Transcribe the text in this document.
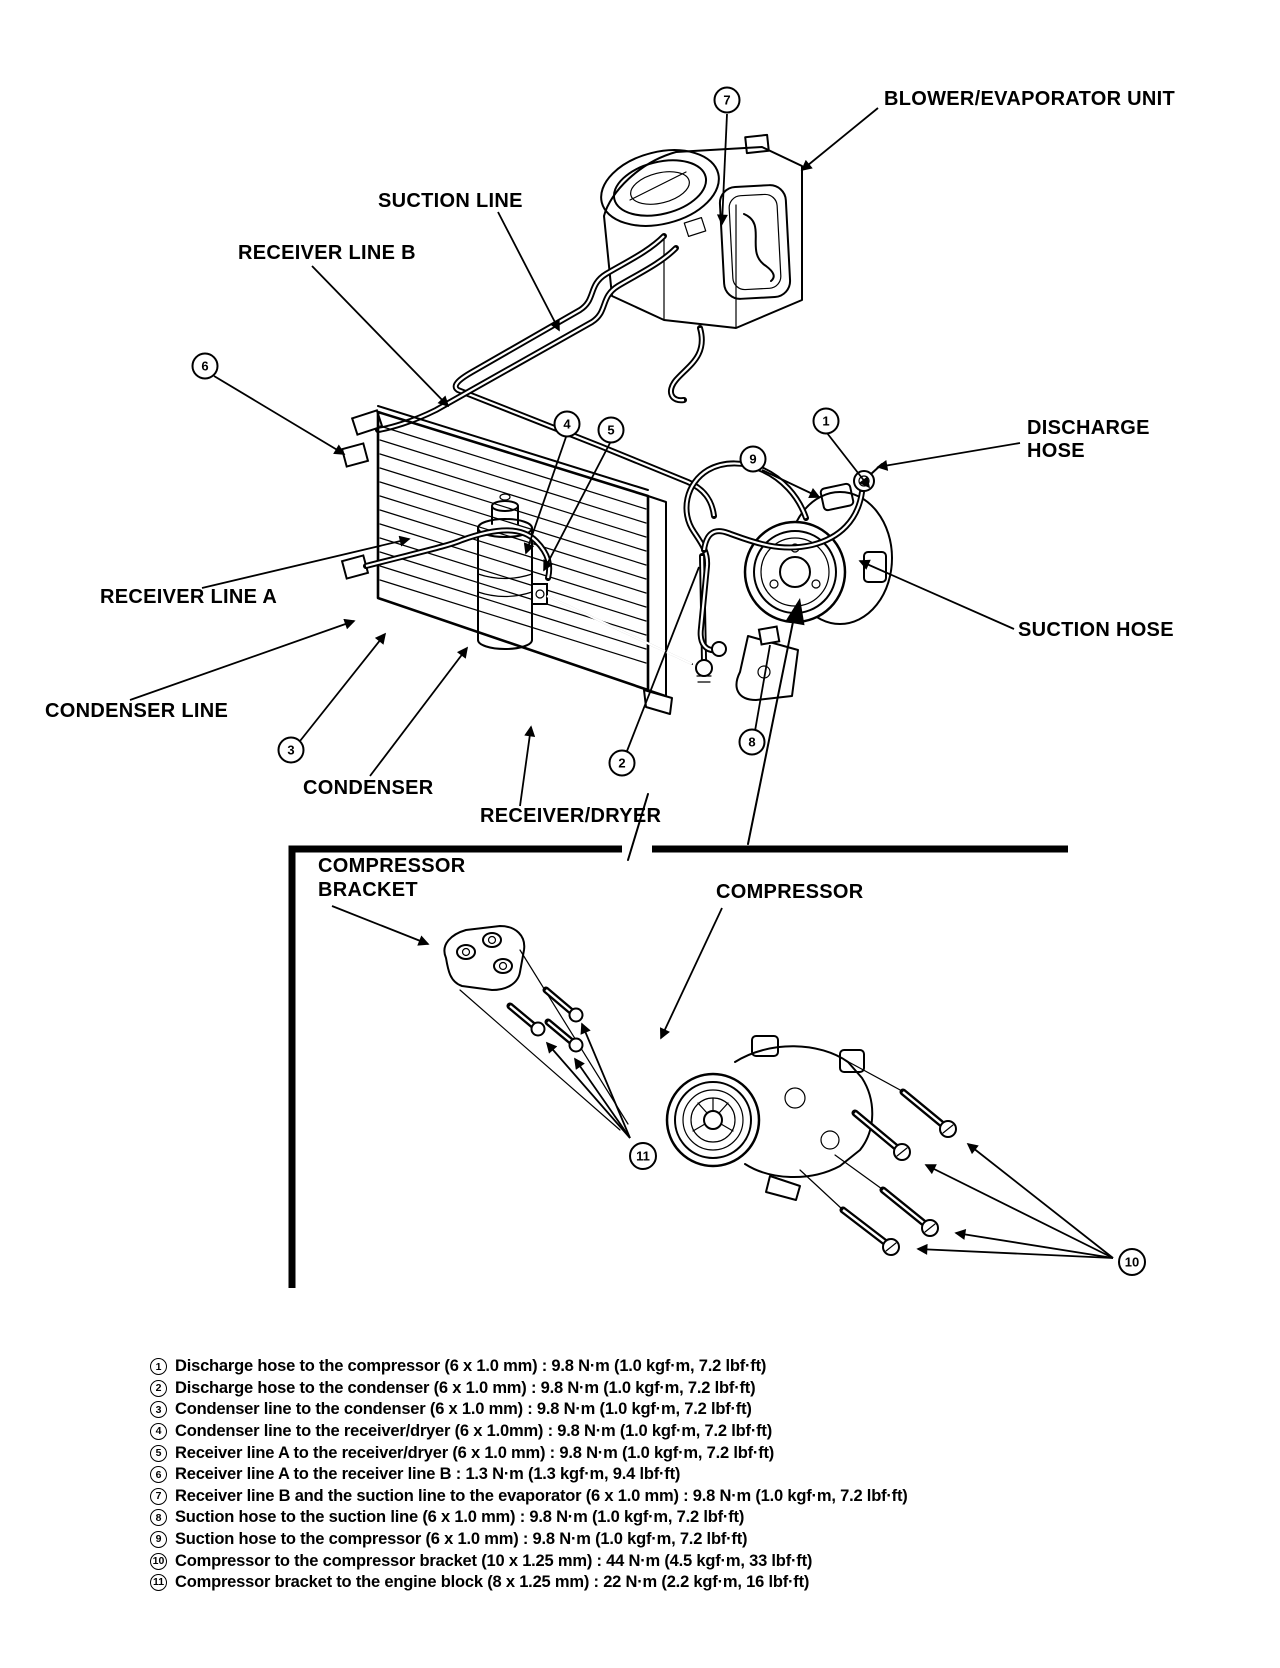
BLOWER/EVAPORATOR UNIT
SUCTION LINE
RECEIVER LINE B
DISCHARGE
HOSE
RECEIVER LINE A
SUCTION HOSE
CONDENSER LINE
CONDENSER
RECEIVER/DRYER
COMPRESSOR
BRACKET	COMPRESSOR
7
6
4	5
1
9
3
2
8
11
10
1 Discharge hose to the compressor (6 x 1.0 mm) : 9.8 N·m (1.0 kgf·m, 7.2 lbf·ft)
2 Discharge hose to the condenser (6 x 1.0 mm) : 9.8 N·m (1.0 kgf·m, 7.2 lbf·ft)
3 Condenser line to the condenser (6 x 1.0 mm) : 9.8 N·m (1.0 kgf·m, 7.2 lbf·ft)
4 Condenser line to the receiver/dryer (6 x 1.0mm) : 9.8 N·m (1.0 kgf·m, 7.2 lbf·ft)
5 Receiver line A to the receiver/dryer (6 x 1.0 mm) : 9.8 N·m (1.0 kgf·m, 7.2 lbf·ft)
6 Receiver line A to the receiver line B : 1.3 N·m (1.3 kgf·m, 9.4 lbf·ft)
7 Receiver line B and the suction line to the evaporator (6 x 1.0 mm) : 9.8 N·m (1.0 kgf·m, 7.2 lbf·ft)
8 Suction hose to the suction line (6 x 1.0 mm) : 9.8 N·m (1.0 kgf·m, 7.2 lbf·ft)
9 Suction hose to the compressor (6 x 1.0 mm) : 9.8 N·m (1.0 kgf·m, 7.2 lbf·ft)
10 Compressor to the compressor bracket (10 x 1.25 mm) : 44 N·m (4.5 kgf·m, 33 lbf·ft)
11 Compressor bracket to the engine block (8 x 1.25 mm) : 22 N·m (2.2 kgf·m, 16 lbf·ft)
